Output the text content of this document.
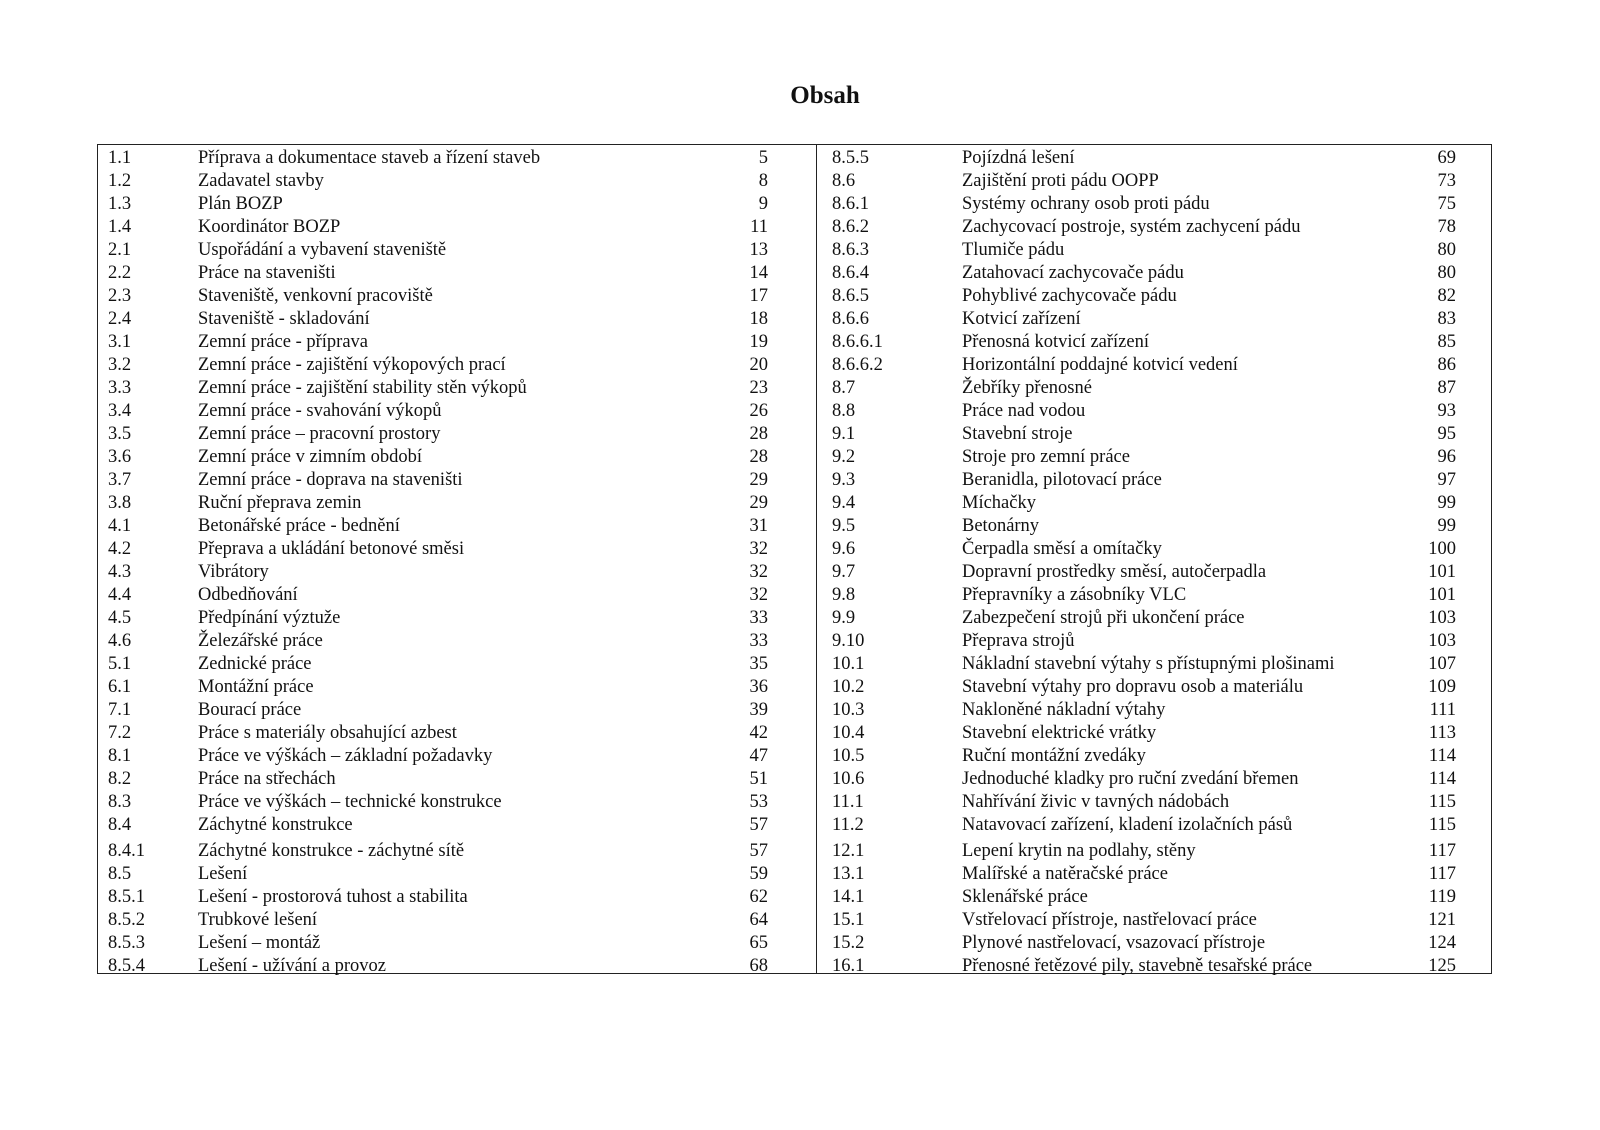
Obsah
1.1	Příprava a dokumentace staveb a řízení staveb	5
1.2	Zadavatel stavby	8
1.3	Plán BOZP	9
1.4	Koordinátor BOZP	11
2.1	Uspořádání a vybavení staveniště	13
2.2	Práce na staveništi	14
2.3	Staveniště, venkovní pracoviště	17
2.4	Staveniště - skladování	18
3.1	Zemní práce - příprava	19
3.2	Zemní práce - zajištění výkopových prací	20
3.3	Zemní práce - zajištění stability stěn výkopů	23
3.4	Zemní práce - svahování výkopů	26
3.5	Zemní práce – pracovní prostory	28
3.6	Zemní práce v zimním období	28
3.7	Zemní práce - doprava na staveništi	29
3.8	Ruční přeprava zemin	29
4.1	Betonářské práce - bednění	31
4.2	Přeprava a ukládání betonové směsi	32
4.3	Vibrátory	32
4.4	Odbedňování	32
4.5	Předpínání výztuže	33
4.6	Železářské práce	33
5.1	Zednické práce	35
6.1	Montážní práce	36
7.1	Bourací práce	39
7.2	Práce s materiály obsahující azbest	42
8.1	Práce ve výškách – základní požadavky	47
8.2	Práce na střechách	51
8.3	Práce ve výškách – technické konstrukce	53
8.4	Záchytné konstrukce	57
8.4.1	Záchytné konstrukce - záchytné sítě	57
8.5	Lešení	59
8.5.1	Lešení - prostorová tuhost a stabilita	62
8.5.2	Trubkové lešení	64
8.5.3	Lešení – montáž	65
8.5.4	Lešení - užívání a provoz	68
8.5.5	Pojízdná lešení	69
8.6	Zajištění proti pádu OOPP	73
8.6.1	Systémy ochrany osob proti pádu	75
8.6.2	Zachycovací postroje, systém zachycení pádu	78
8.6.3	Tlumiče pádu	80
8.6.4	Zatahovací zachycovače pádu	80
8.6.5	Pohyblivé zachycovače pádu	82
8.6.6	Kotvicí zařízení	83
8.6.6.1	Přenosná kotvicí zařízení	85
8.6.6.2	Horizontální poddajné kotvicí vedení	86
8.7	Žebříky přenosné	87
8.8	Práce nad vodou	93
9.1	Stavební stroje	95
9.2	Stroje pro zemní práce	96
9.3	Beranidla, pilotovací práce	97
9.4	Míchačky	99
9.5	Betonárny	99
9.6	Čerpadla směsí a omítačky	100
9.7	Dopravní prostředky směsí, autočerpadla	101
9.8	Přepravníky a zásobníky VLC	101
9.9	Zabezpečení strojů při ukončení práce	103
9.10	Přeprava strojů	103
10.1	Nákladní stavební výtahy s přístupnými plošinami	107
10.2	Stavební výtahy pro dopravu osob a materiálu	109
10.3	Nakloněné nákladní výtahy	111
10.4	Stavební elektrické vrátky	113
10.5	Ruční montážní zvedáky	114
10.6	Jednoduché kladky pro ruční zvedání břemen	114
11.1	Nahřívání živic v tavných nádobách	115
11.2	Natavovací zařízení, kladení izolačních pásů	115
12.1	Lepení krytin na podlahy, stěny	117
13.1	Malířské a natěračské práce	117
14.1	Sklenářské práce	119
15.1	Vstřelovací přístroje, nastřelovací práce	121
15.2	Plynové nastřelovací, vsazovací přístroje	124
16.1	Přenosné řetězové pily, stavebně tesařské práce	125
